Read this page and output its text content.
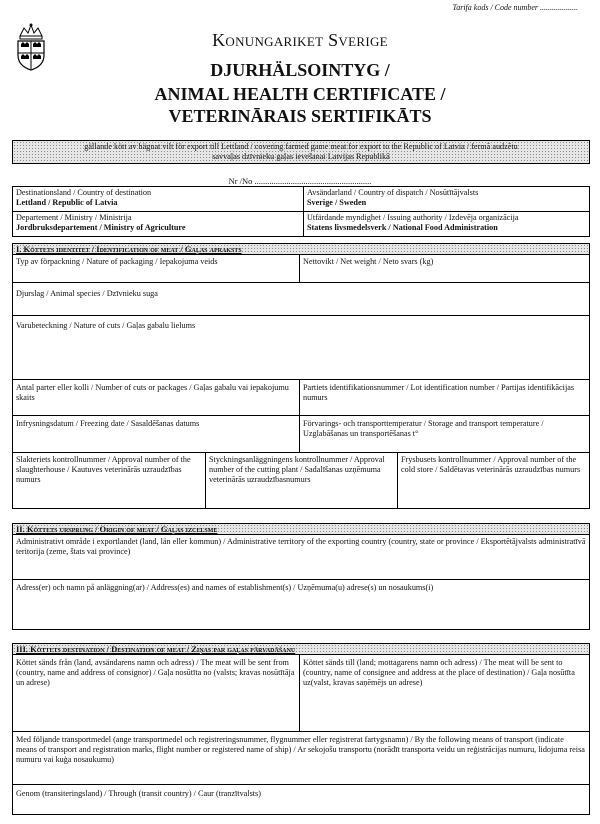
Tarifa kods / Code number ...................
Konungariket Sverige
DJURHÄLSOINTYG /
ANIMAL HEALTH CERTIFICATE /
VETERINĀRAIS SERTIFIKĀTS
gällande kött av hägnat vilt för export till Lettland / covering farmed game meat for export to the Republic of Latvia / fermā audzētu
savvaļas dzīvnieku gaļas ievešanai Latvijas Republikā
Nr /No .......................................................
Destinationsland / Country of destination
Lettland / Republic of Latvia
Avsändarland / Country of dispatch / Nosūtītājvalsts
Sverige / Sweden
Departement / Ministry / Ministrija
Jordbruksdepartement / Ministry of Agriculture
Utfärdande myndighet / Issuing authority / Izdevēja organizācija
Statens livsmedelsverk / National Food Administration
I. Köttets identitet / Identification of meat / Gaļas apraksts
Typ av förpackning / Nature of packaging / Iepakojuma veids	Nettovikt / Net weight / Neto svars (kg)
Djurslag / Animal species / Dzīvnieku suga
Varubeteckning / Nature of cuts / Gaļas gabalu lielums
Antal parter eller kolli / Number of cuts or packages / Gaļas gabalu vai iepakojumu skaits
Partiets identifikationsnummer / Lot identification number / Partijas identifikācijas numurs
Infrysningsdatum / Freezing date / Sasaldēšanas datums	Förvarings- och transporttemperatur / Storage and transport temperature / Uzglabāšanas un transportēšanas t°
Slakteriets kontrollnummer / Approval number of the slaughterhouse / Kautuves veterinārās uzraudzības numurs
Styckningsanläggningens kontrollnummer / Approval number of the cutting plant / Sadalīšanas uzņēmuma veterinārās uzraudzībasnumurs
Frysbusets kontrollnummer / Approval number of the cold store / Saldētavas veterinārās uzraudzības numurs
II. Köttets ursprung / Origin of meat / Gaļas izcelsme
Administrativt område i exportlandet (land, län eller kommun) / Administrative territory of the exporting country (country, state or province / Eksportētājvalsts administratīvā teritorija (zeme, štats vai province)
Adress(er) och namn på anläggning(ar) / Address(es) and names of establishment(s) / Uzņēmuma(u) adrese(s) un nosaukums(i)
III. Köttets destination / Destination of meat / Ziņas par gaļas pārvadāšanu
Köttet sänds från (land, avsändarens namn och adress) / The meat will be sent from (country, name and address of consignor) / Gaļa nosūtīta no (valsts; kravas nosūtītāja un adrese)
Köttet sänds till (land; mottagarens namn och adress) / The meat will be sent to (country, name of consignee and address at the place of destination) / Gaļa nosūtīta uz(valst, kravas saņēmējs un adrese)
Med följande transportmedel (ange transportmedel och registreringsnummer, flygnummer eller registrerat fartygsnamn) / By the following means of transport (indicate means of transport and registration marks, flight number or registered name of ship) / Ar sekojošu transportu (norādīt transporta veidu un reģistrācijas numuru, lidojuma reisa numuru vai kuģa nosaukumu)
Genom (transiteringsland) / Through (transit country) / Caur (tranzītvalsts)
